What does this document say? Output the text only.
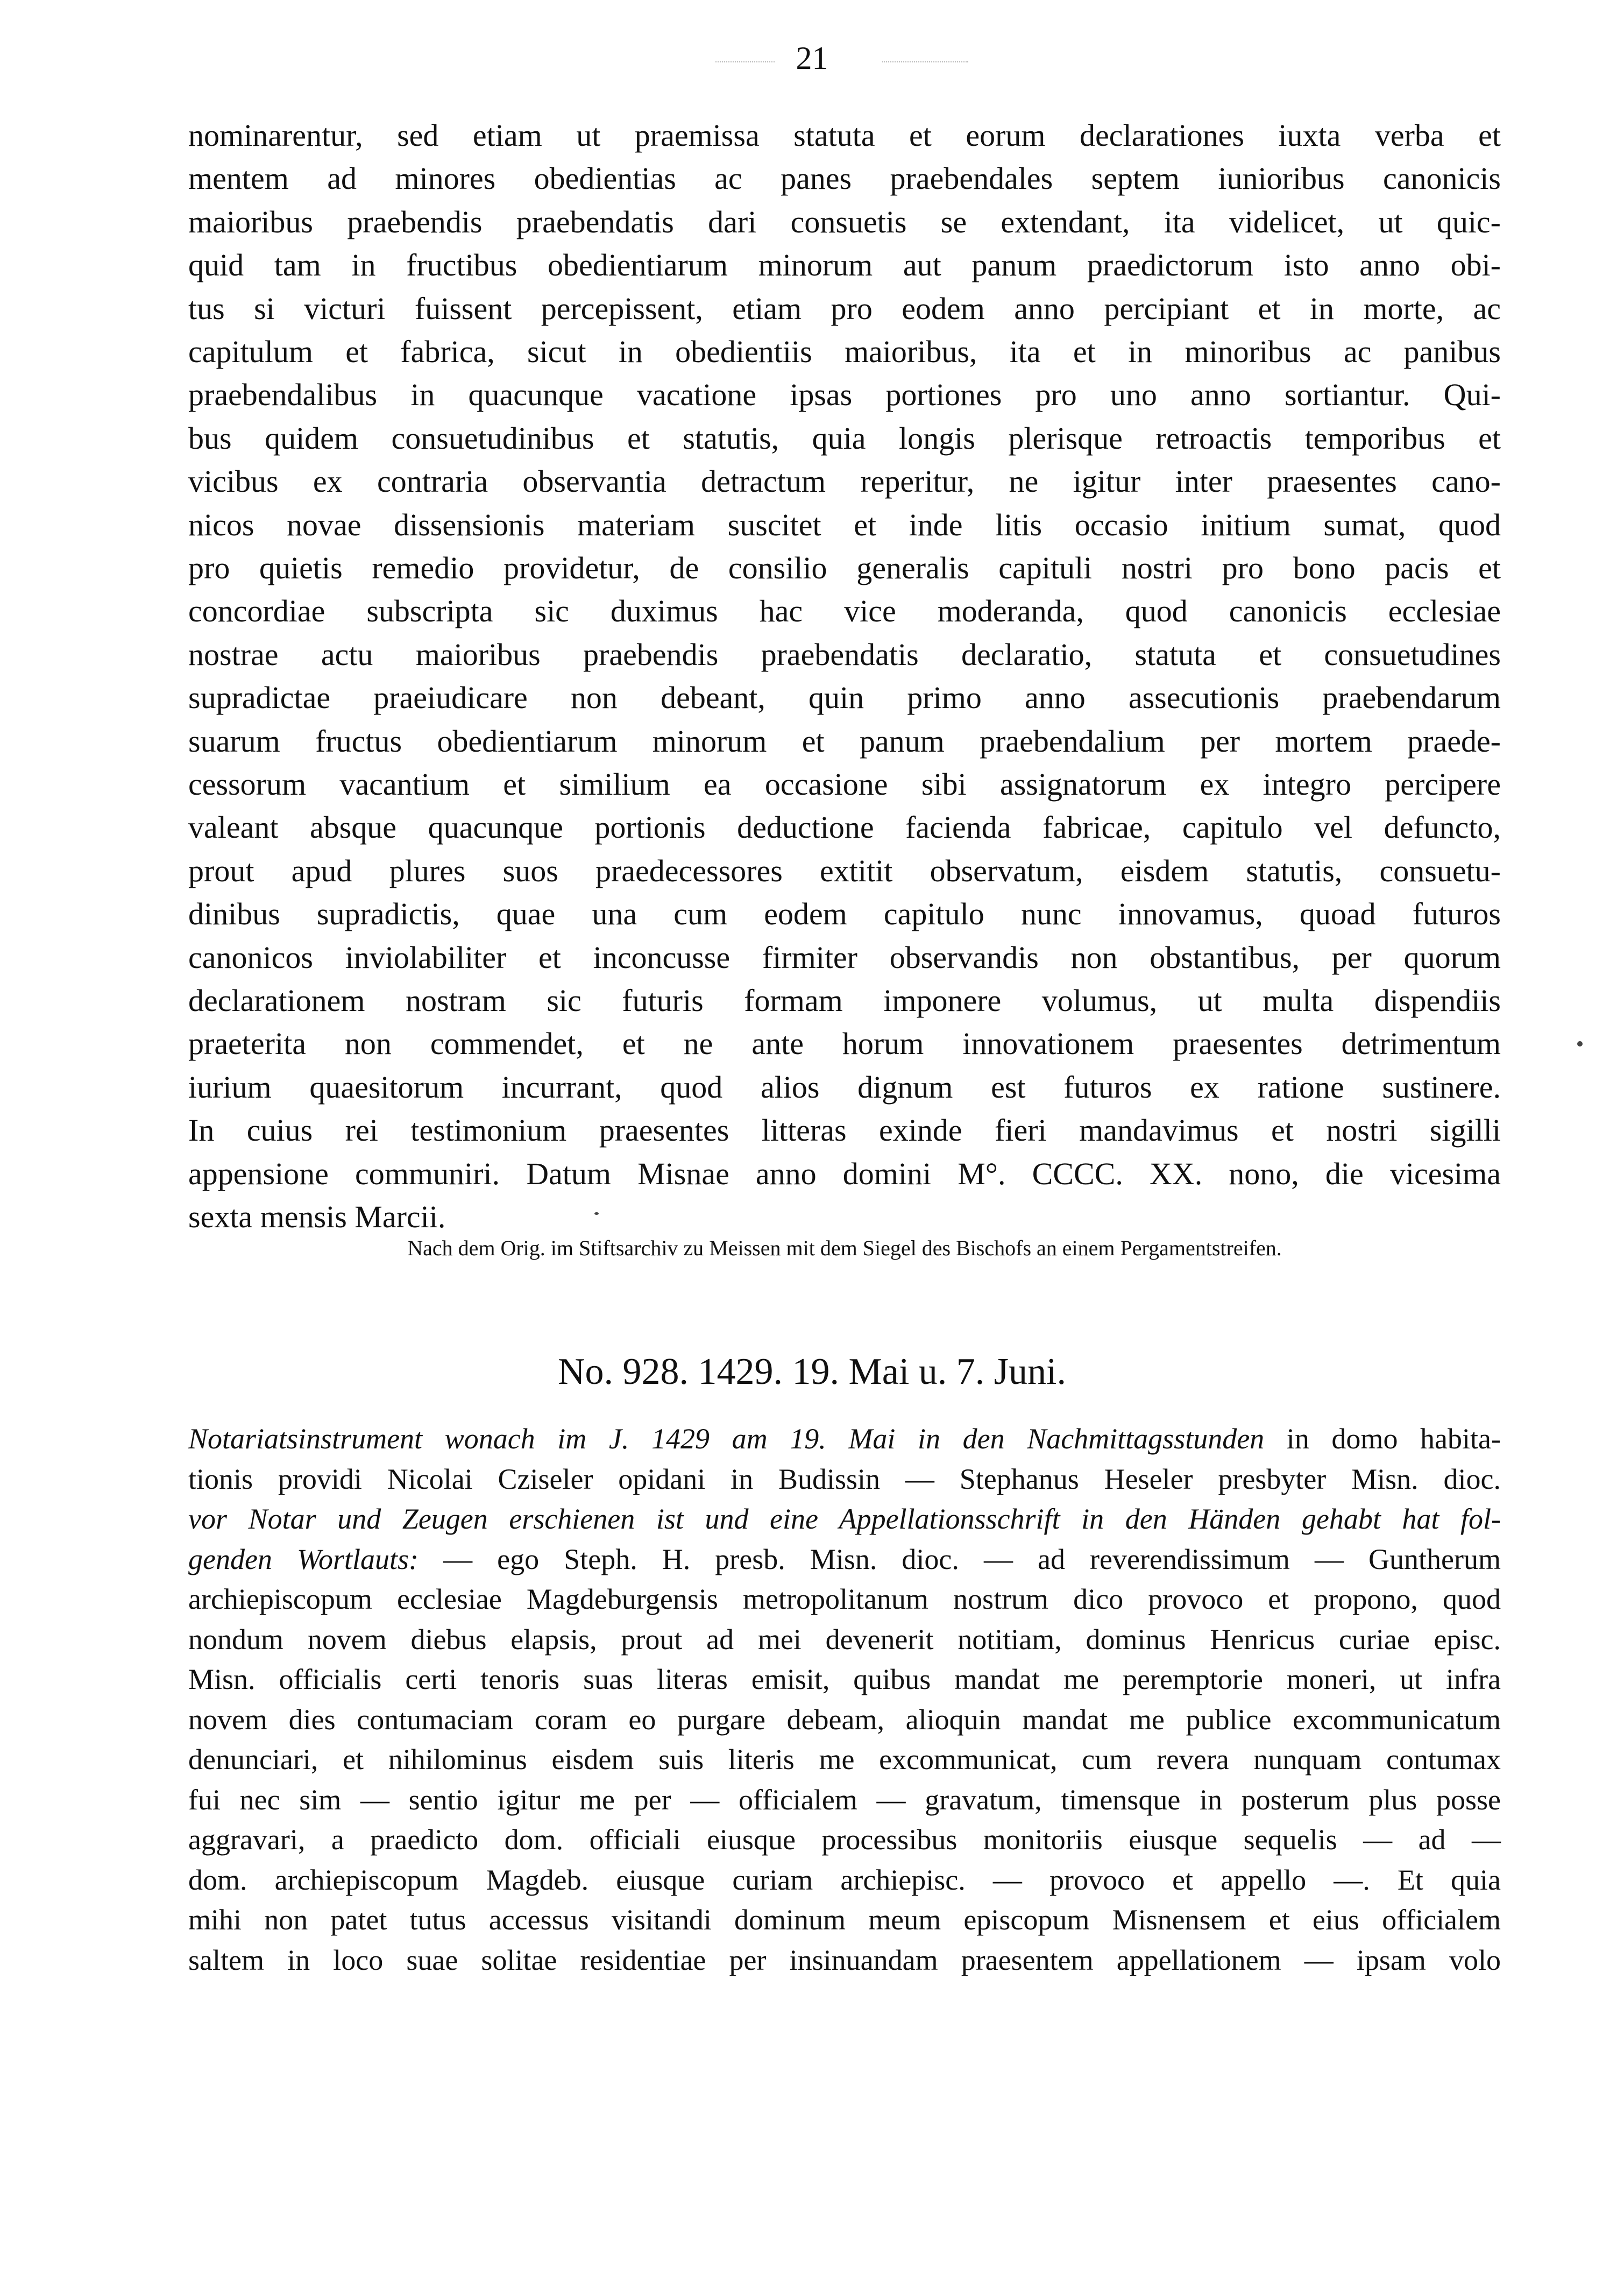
21
nominarentur, sed etiam ut praemissa statuta et eorum declarationes iuxta verba et
mentem ad minores obedientias ac panes praebendales septem iunioribus canonicis
maioribus praebendis praebendatis dari consuetis se extendant, ita videlicet, ut quic-
quid tam in fructibus obedientiarum minorum aut panum praedictorum isto anno obi-
tus si victuri fuissent percepissent, etiam pro eodem anno percipiant et in morte, ac
capitulum et fabrica, sicut in obedientiis maioribus, ita et in minoribus ac panibus
praebendalibus in quacunque vacatione ipsas portiones pro uno anno sortiantur. Qui-
bus quidem consuetudinibus et statutis, quia longis plerisque retroactis temporibus et
vicibus ex contraria observantia detractum reperitur, ne igitur inter praesentes cano-
nicos novae dissensionis materiam suscitet et inde litis occasio initium sumat, quod
pro quietis remedio providetur, de consilio generalis capituli nostri pro bono pacis et
concordiae subscripta sic duximus hac vice moderanda, quod canonicis ecclesiae
nostrae actu maioribus praebendis praebendatis declaratio, statuta et consuetudines
supradictae praeiudicare non debeant, quin primo anno assecutionis praebendarum
suarum fructus obedientiarum minorum et panum praebendalium per mortem praede-
cessorum vacantium et similium ea occasione sibi assignatorum ex integro percipere
valeant absque quacunque portionis deductione facienda fabricae, capitulo vel defuncto,
prout apud plures suos praedecessores extitit observatum, eisdem statutis, consuetu-
dinibus supradictis, quae una cum eodem capitulo nunc innovamus, quoad futuros
canonicos inviolabiliter et inconcusse firmiter observandis non obstantibus, per quorum
declarationem nostram sic futuris formam imponere volumus, ut multa dispendiis
praeterita non commendet, et ne ante horum innovationem praesentes detrimentum
iurium quaesitorum incurrant, quod alios dignum est futuros ex ratione sustinere.
In cuius rei testimonium praesentes litteras exinde fieri mandavimus et nostri sigilli
appensione communiri. Datum Misnae anno domini M°. CCCC. XX. nono, die vicesima
sexta mensis Marcii.
Nach dem Orig. im Stiftsarchiv zu Meissen mit dem Siegel des Bischofs an einem Pergamentstreifen.
No. 928. 1429. 19. Mai u. 7. Juni.
Notariatsinstrument wonach im J. 1429 am 19. Mai in den Nachmittagsstunden in domo habita-
tionis providi Nicolai Cziseler opidani in Budissin — Stephanus Heseler presbyter Misn. dioc.
vor Notar und Zeugen erschienen ist und eine Appellationsschrift in den Händen gehabt hat fol-
genden Wortlauts: — ego Steph. H. presb. Misn. dioc. — ad reverendissimum — Guntherum
archiepiscopum ecclesiae Magdeburgensis metropolitanum nostrum dico provoco et propono, quod
nondum novem diebus elapsis, prout ad mei devenerit notitiam, dominus Henricus curiae episc.
Misn. officialis certi tenoris suas literas emisit, quibus mandat me peremptorie moneri, ut infra
novem dies contumaciam coram eo purgare debeam, alioquin mandat me publice excommunicatum
denunciari, et nihilominus eisdem suis literis me excommunicat, cum revera nunquam contumax
fui nec sim — sentio igitur me per — officialem — gravatum, timensque in posterum plus posse
aggravari, a praedicto dom. officiali eiusque processibus monitoriis eiusque sequelis — ad —
dom. archiepiscopum Magdeb. eiusque curiam archiepisc. — provoco et appello —. Et quia
mihi non patet tutus accessus visitandi dominum meum episcopum Misnensem et eius officialem
saltem in loco suae solitae residentiae per insinuandam praesentem appellationem — ipsam volo
